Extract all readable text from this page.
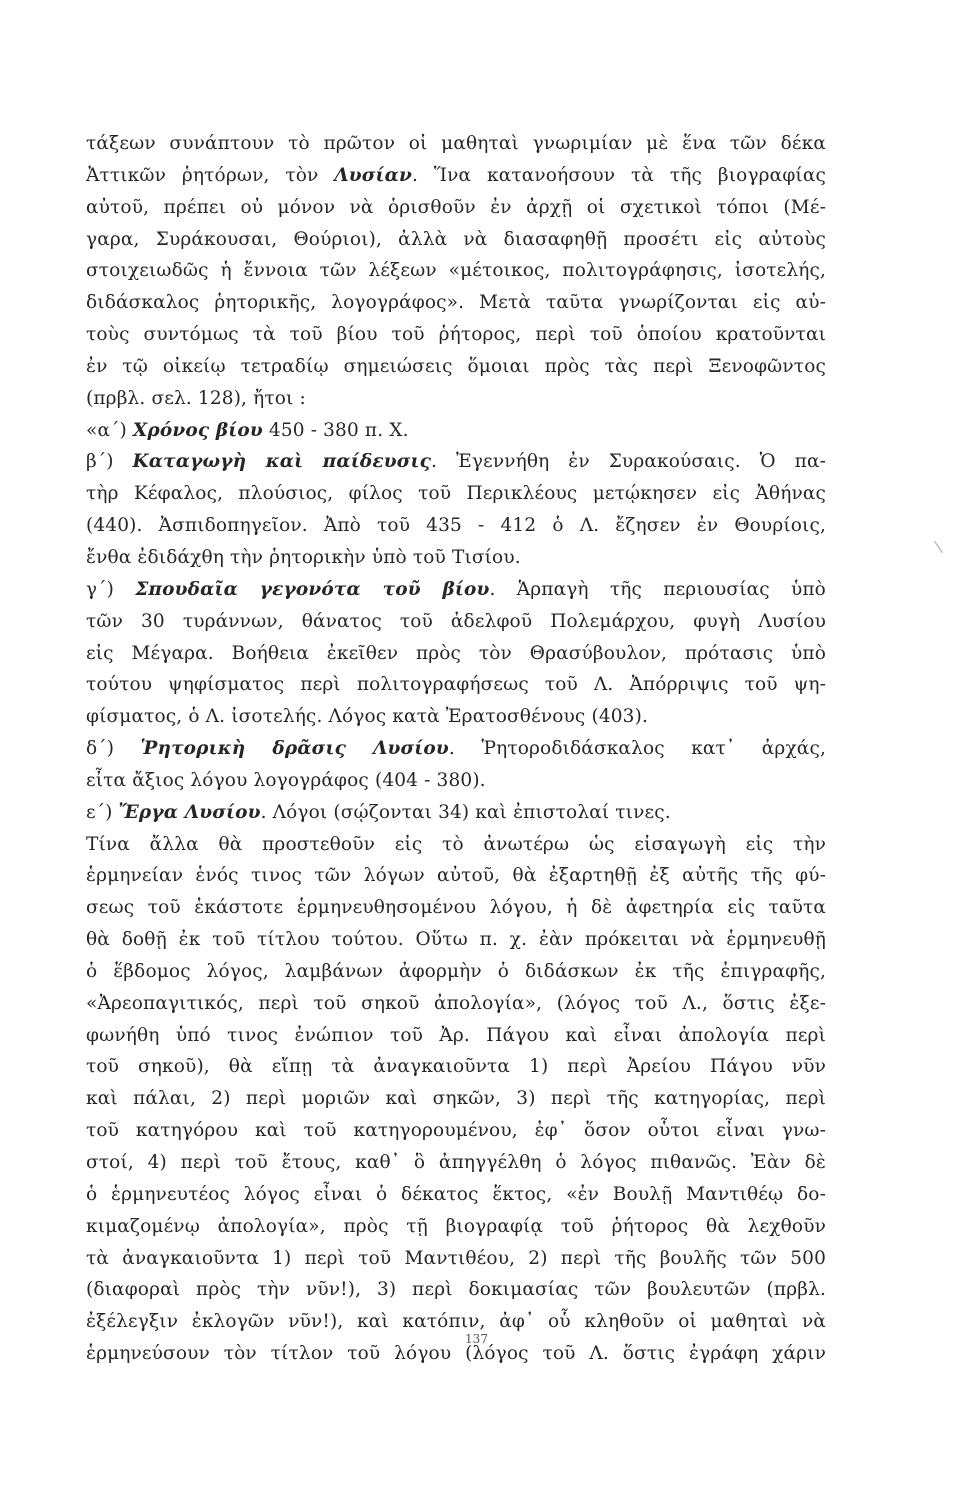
τάξεων συνάπτουν τὸ πρῶτον οἱ μαθηταὶ γνωριμίαν μὲ ἕνα τῶν δέκα
Ἀττικῶν ῥητόρων, τὸν Λυσίαν. Ἵνα κατανοήσουν τὰ τῆς βιογραφίας
αὐτοῦ, πρέπει οὐ μόνον νὰ ὁρισθοῦν ἐν ἀρχῇ οἱ σχετικοὶ τόποι (Μέ-
γαρα, Συράκουσαι, Θούριοι), ἀλλὰ νὰ διασαφηθῇ προσέτι εἰς αὐτοὺς
στοιχειωδῶς ἡ ἔννοια τῶν λέξεων «μέτοικος, πολιτογράφησις, ἰσοτελής,
διδάσκαλος ῥητορικῆς, λογογράφος». Μετὰ ταῦτα γνωρίζονται εἰς αὐ-
τοὺς συντόμως τὰ τοῦ βίου τοῦ ῥήτορος, περὶ τοῦ ὁποίου κρατοῦνται
ἐν τῷ οἰκείῳ τετραδίῳ σημειώσεις ὅμοιαι πρὸς τὰς περὶ Ξενοφῶντος
(πρβλ. σελ. 128), ἤτοι :
«α΄) Χρόνος βίου 450 - 380 π. Χ.
β΄) Καταγωγὴ καὶ παίδευσις. Ἐγεννήθη ἐν Συρακούσαις. Ὁ πα-
τὴρ Κέφαλος, πλούσιος, φίλος τοῦ Περικλέους μετῴκησεν εἰς Ἀθήνας
(440). Ἀσπιδοπηγεῖον. Ἀπὸ τοῦ 435 - 412 ὁ Λ. ἔζησεν ἐν Θουρίοις,
ἔνθα ἐδιδάχθη τὴν ῥητορικὴν ὑπὸ τοῦ Τισίου.
γ΄) Σπουδαῖα γεγονότα τοῦ βίου. Ἁρπαγὴ τῆς περιουσίας ὑπὸ
τῶν 30 τυράννων, θάνατος τοῦ ἀδελφοῦ Πολεμάρχου, φυγὴ Λυσίου
εἰς Μέγαρα. Βοήθεια ἐκεῖθεν πρὸς τὸν Θρασύβουλον, πρότασις ὑπὸ
τούτου ψηφίσματος περὶ πολιτογραφήσεως τοῦ Λ. Ἀπόρριψις τοῦ ψη-
φίσματος, ὁ Λ. ἰσοτελής. Λόγος κατὰ Ἐρατοσθένους (403).
δ΄) Ῥητορικὴ δρᾶσις Λυσίου. Ῥητοροδιδάσκαλος κατ᾽ ἀρχάς,
εἶτα ἄξιος λόγου λογογράφος (404 - 380).
ε΄) Ἔργα Λυσίου. Λόγοι (σῴζονται 34) καὶ ἐπιστολαί τινες.
Τίνα ἄλλα θὰ προστεθοῦν εἰς τὸ ἀνωτέρω ὡς εἰσαγωγὴ εἰς τὴν
ἑρμηνείαν ἑνός τινος τῶν λόγων αὐτοῦ, θὰ ἐξαρτηθῇ ἐξ αὐτῆς τῆς φύ-
σεως τοῦ ἑκάστοτε ἑρμηνευθησομένου λόγου, ἡ δὲ ἀφετηρία εἰς ταῦτα
θὰ δοθῇ ἐκ τοῦ τίτλου τούτου. Οὕτω π. χ. ἐὰν πρόκειται νὰ ἑρμηνευθῇ
ὁ ἕβδομος λόγος, λαμβάνων ἀφορμὴν ὁ διδάσκων ἐκ τῆς ἐπιγραφῆς,
«Ἀρεοπαγιτικός, περὶ τοῦ σηκοῦ ἀπολογία», (λόγος τοῦ Λ., ὅστις ἐξε-
φωνήθη ὑπό τινος ἐνώπιον τοῦ Ἀρ. Πάγου καὶ εἶναι ἀπολογία περὶ
τοῦ σηκοῦ), θὰ εἴπῃ τὰ ἀναγκαιοῦντα 1) περὶ Ἀρείου Πάγου νῦν
καὶ πάλαι, 2) περὶ μοριῶν καὶ σηκῶν, 3) περὶ τῆς κατηγορίας, περὶ
τοῦ κατηγόρου καὶ τοῦ κατηγορουμένου, ἐφ᾽ ὅσον οὗτοι εἶναι γνω-
στοί, 4) περὶ τοῦ ἔτους, καθ᾽ ὃ ἀπηγγέλθη ὁ λόγος πιθανῶς. Ἐὰν δὲ
ὁ ἑρμηνευτέος λόγος εἶναι ὁ δέκατος ἕκτος, «ἐν Βουλῇ Μαντιθέῳ δο-
κιμαζομένῳ ἀπολογία», πρὸς τῇ βιογραφίᾳ τοῦ ῥήτορος θὰ λεχθοῦν
τὰ ἀναγκαιοῦντα 1) περὶ τοῦ Μαντιθέου, 2) περὶ τῆς βουλῆς τῶν 500
(διαφοραὶ πρὸς τὴν νῦν!), 3) περὶ δοκιμασίας τῶν βουλευτῶν (πρβλ.
ἐξέλεγξιν ἐκλογῶν νῦν!), καὶ κατόπιν, ἀφ᾽ οὗ κληθοῦν οἱ μαθηταὶ νὰ
ἑρμηνεύσουν τὸν τίτλον τοῦ λόγου (λόγος τοῦ Λ. ὅστις ἐγράφη χάριν
137
